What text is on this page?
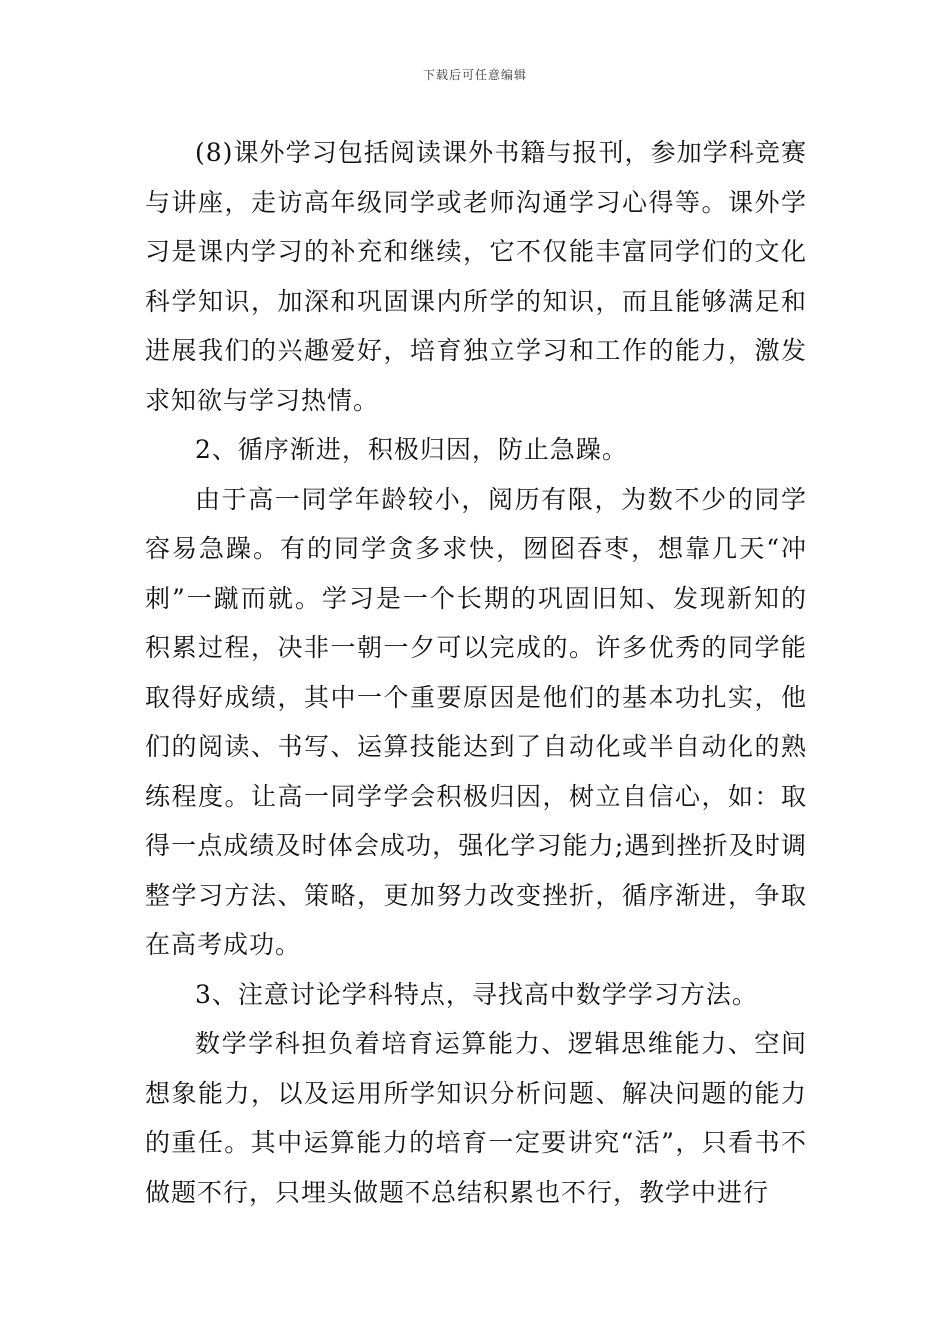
下载后可任意编辑

(8)课外学习包括阅读课外书籍与报刊，参加学科竞赛与讲座，走访高年级同学或老师沟通学习心得等。课外学习是课内学习的补充和继续，它不仅能丰富同学们的文化科学知识，加深和巩固课内所学的知识，而且能够满足和进展我们的兴趣爱好，培育独立学习和工作的能力，激发求知欲与学习热情。

2、循序渐进，积极归因，防止急躁。

由于高一同学年龄较小，阅历有限，为数不少的同学容易急躁。有的同学贪多求快，囫囵吞枣，想靠几天“冲刺”一蹴而就。学习是一个长期的巩固旧知、发现新知的积累过程，决非一朝一夕可以完成的。许多优秀的同学能取得好成绩，其中一个重要原因是他们的基本功扎实，他们的阅读、书写、运算技能达到了自动化或半自动化的熟练程度。让高一同学学会积极归因，树立自信心，如：取得一点成绩及时体会成功，强化学习能力;遇到挫折及时调整学习方法、策略，更加努力改变挫折，循序渐进，争取在高考成功。

3、注意讨论学科特点，寻找高中数学学习方法。

数学学科担负着培育运算能力、逻辑思维能力、空间想象能力，以及运用所学知识分析问题、解决问题的能力的重任。其中运算能力的培育一定要讲究“活”，只看书不做题不行，只埋头做题不总结积累也不行，教学中进行
